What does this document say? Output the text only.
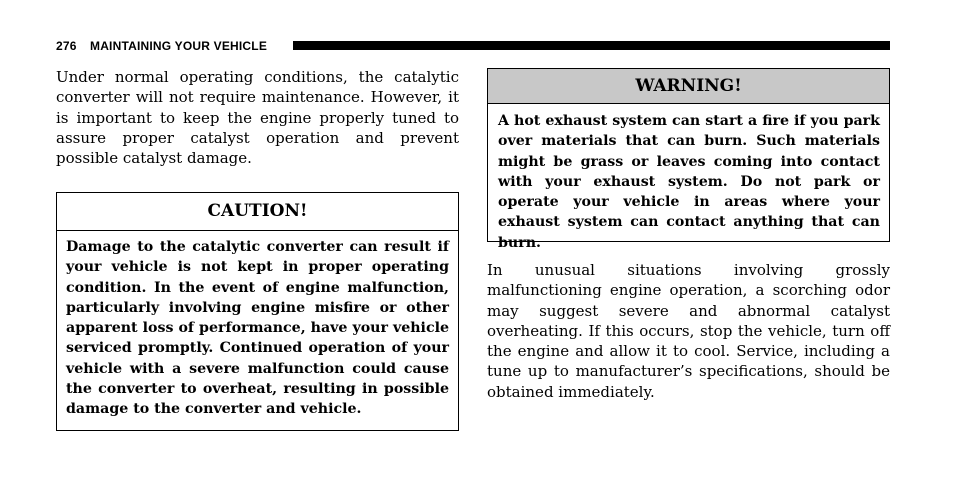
276 MAINTAINING YOUR VEHICLE

Under normal operating conditions, the catalytic converter will not require maintenance. However, it is important to keep the engine properly tuned to assure proper catalyst operation and prevent possible catalyst damage.

CAUTION!

Damage to the catalytic converter can result if your vehicle is not kept in proper operating condition. In the event of engine malfunction, particularly involving engine misfire or other apparent loss of performance, have your vehicle serviced promptly. Continued operation of your vehicle with a severe malfunction could cause the converter to overheat, resulting in possible damage to the converter and vehicle.

WARNING!

A hot exhaust system can start a fire if you park over materials that can burn. Such materials might be grass or leaves coming into contact with your exhaust system. Do not park or operate your vehicle in areas where your exhaust system can contact anything that can burn.

In unusual situations involving grossly malfunctioning engine operation, a scorching odor may suggest severe and abnormal catalyst overheating. If this occurs, stop the vehicle, turn off the engine and allow it to cool. Service, including a tune up to manufacturer’s specifications, should be obtained immediately.
